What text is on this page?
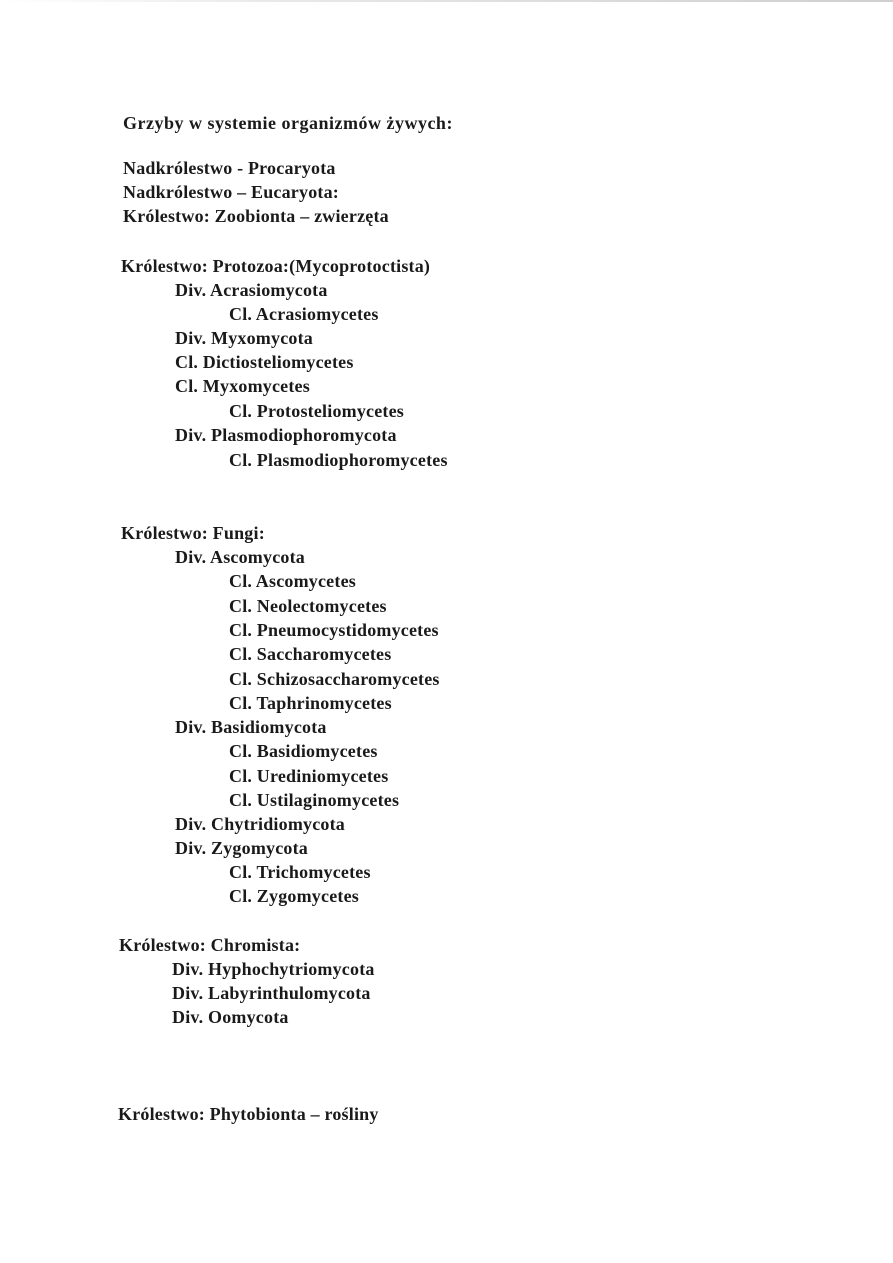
Grzyby w systemie organizmów żywych:
Nadkrólestwo - Procaryota
Nadkrólestwo – Eucaryota:
Królestwo: Zoobionta – zwierzęta
Królestwo: Protozoa:(Mycoprotoctista)
Div. Acrasiomycota
Cl. Acrasiomycetes
Div. Myxomycota
Cl. Dictiosteliomycetes
Cl. Myxomycetes
Cl. Protosteliomycetes
Div. Plasmodiophoromycota
Cl. Plasmodiophoromycetes
Królestwo: Fungi:
Div. Ascomycota
Cl. Ascomycetes
Cl. Neolectomycetes
Cl. Pneumocystidomycetes
Cl. Saccharomycetes
Cl. Schizosaccharomycetes
Cl. Taphrinomycetes
Div. Basidiomycota
Cl. Basidiomycetes
Cl. Urediniomycetes
Cl. Ustilaginomycetes
Div. Chytridiomycota
Div. Zygomycota
Cl. Trichomycetes
Cl. Zygomycetes
Królestwo: Chromista:
Div. Hyphochytriomycota
Div. Labyrinthulomycota
Div. Oomycota
Królestwo: Phytobionta – rośliny
